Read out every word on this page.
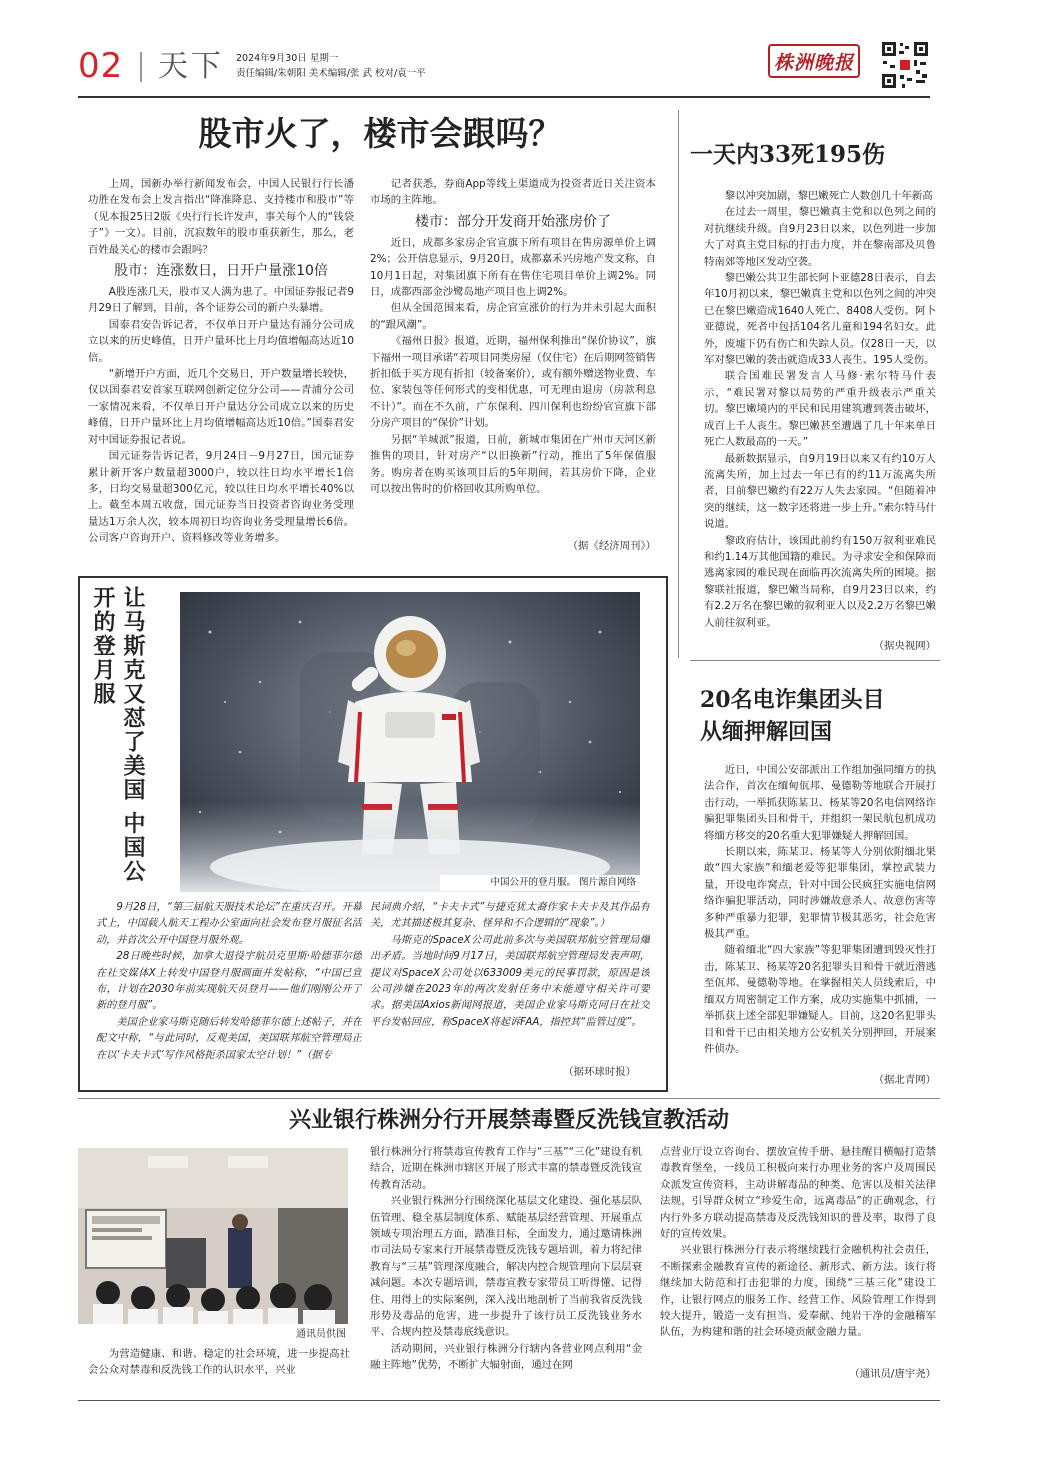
02	天下 2024年9月30日 星期一
责任编辑/朱朝阳 美术编辑/张 武 校对/袁一平	株洲晚报
股市火了，楼市会跟吗？

上周，国新办举行新闻发布会，中国人民银行行长潘功胜在发布会上发言指出“降准降息、支持楼市和股市”等（见本报25日2版《央行行长许发声，事关每个人的“钱袋子”》一文）。目前，沉寂数年的股市重获新生，那么，老百姓最关心的楼市会跟吗？

股市：连涨数日，日开户量涨10倍

A股连涨几天，股市又人满为患了。中国证券报记者9月29日了解到，目前，各个证券公司的新户头暴增。

国泰君安告诉记者，不仅单日开户量达有涌分公司成立以来的历史峰值，日开户量环比上月均值增幅高达近10倍。

“新增开户方面，近几个交易日，开户数量增长较快，仅以国泰君安首家互联网创新定位分公司——青浦分公司一家情况来看，不仅单日开户量达分公司成立以来的历史峰值，日开户量环比上月均值增幅高达近10倍。”国泰君安对中国证券报记者说。

国元证券告诉记者，9月24日－9月27日，国元证券累计新开客户数量超3000户，较以往日均水平增长1倍多，日均交易量超300亿元，较以往日均水平增长40%以上。截至本周五收盘，国元证券当日投资者咨询业务受理量达1万余人次，较本周初日均咨询业务受理量增长6倍。公司客户咨询开户、资料修改等业务增多。

记者获悉，券商App等线上渠道成为投资者近日关注资本市场的主阵地。

楼市：部分开发商开始涨房价了

近日，成都多家房企官宣旗下所有项目在售房源单价上调2%；公开信息显示，9月20日，成都嘉禾兴房地产发文称，自10月1日起，对集团旗下所有在售住宅项目单价上调2%。同日，成都西部金沙鹭岛地产项目也上调2%。

但从全国范围来看，房企官宣涨价的行为并未引起大面积的“跟风潮”。

《福州日报》报道，近期，福州保利推出“保价协议”，旗下福州一项目承诺“若项目同类房屋（仅住宅）在后期网签销售折扣低于买方现有折扣（较备案价），或有额外赠送物业费、车位、家装包等任何形式的变相优惠，可无理由退房（房款利息不计）”。而在不久前，广东保利、四川保利也纷纷官宣旗下部分房产项目的“保价”计划。

另据“羊城派”报道，日前，新城市集团在广州市天河区新推售的项目，针对房产“以旧换新”行动，推出了5年保值服务。购房者在购买该项目后的5年期间，若其房价下降，企业可以按出售时的价格回收其所购单位。

（据《经济周刊》）
一天内33死195伤

黎以冲突加剧，黎巴嫩死亡人数创几十年新高

在过去一周里，黎巴嫩真主党和以色列之间的对抗继续升级。自9月23日以来，以色列进一步加大了对真主党目标的打击力度，并在黎南部及贝鲁特南郊等地区发动空袭。

黎巴嫩公共卫生部长阿卜亚德28日表示，自去年10月初以来，黎巴嫩真主党和以色列之间的冲突已在黎巴嫩造成1640人死亡、8408人受伤。阿卜亚德说，死者中包括104名儿童和194名妇女。此外，废墟下仍有伤亡和失踪人员。仅28日一天，以军对黎巴嫩的袭击就造成33人丧生、195人受伤。

联合国难民署发言人马修·索尔特马什表示，“难民署对黎以局势的严重升级表示严重关切。黎巴嫩境内的平民和民用建筑遭到袭击破坏，成百上千人丧生。黎巴嫩甚至遭遇了几十年来单日死亡人数最高的一天。”

最新数据显示，自9月19日以来又有约10万人流离失所，加上过去一年已有的约11万流离失所者，目前黎巴嫩约有22万人失去家园。“但随着冲突的继续，这一数字还将进一步上升。”索尔特马什说道。

黎政府估计，该国此前约有150万叙利亚难民和约1.14万其他国籍的难民。为寻求安全和保障而逃离家园的难民现在面临再次流离失所的困境。据黎联社报道，黎巴嫩当局称，自9月23日以来，约有2.2万名在黎巴嫩的叙利亚人以及2.2万名黎巴嫩人前往叙利亚。

（据央视网）
20名电诈集团头目
从缅押解回国

近日，中国公安部派出工作组加强同缅方的执法合作，首次在缅甸佤邦、曼德勒等地联合开展打击行动，一举抓获陈某卫、杨某等20名电信网络诈骗犯罪集团头目和骨干，并组织一架民航包机成功将缅方移交的20名重大犯罪嫌疑人押解回国。

长期以来，陈某卫、杨某等人分别依附缅北果敢“四大家族”和缅老爱等犯罪集团，掌控武装力量，开设电诈窝点，针对中国公民疯狂实施电信网络诈骗犯罪活动，同时涉嫌故意杀人、故意伤害等多种严重暴力犯罪，犯罪情节极其恶劣，社会危害极其严重。

随着缅北“四大家族”等犯罪集团遭到毁灭性打击，陈某卫、杨某等20名犯罪头目和骨干就近潜逃至佤邦、曼德勒等地。在掌握相关人员线索后，中缅双方周密制定工作方案，成功实施集中抓捕，一举抓获上述全部犯罪嫌疑人。目前，这20名犯罪头目和骨干已由相关地方公安机关分别押回，开展案件侦办。

（据北青网）
让马斯克又怼了美国 中国公开的登月服
中国公开的登月服。 图片源自网络

9月28日，“第三届航天服技术论坛”在重庆召开。开幕式上，中国载人航天工程办公室面向社会发布登月服征名活动，并首次公开中国登月服外观。

28日晚些时候，加拿大退役宇航员克里斯·哈德菲尔德在社交媒体X上转发中国登月服画面并发帖称，“中国已宣布，计划在2030年前实现航天员登月——他们刚刚公开了新的登月服”。

美国企业家马斯克随后转发哈德菲尔德上述帖子，并在配文中称，“与此同时，反观美国，美国联邦航空管理局正在以‘卡夫卡式’写作风格扼杀国家太空计划！”（据专

民词典介绍，“卡夫卡式”与捷克犹太裔作家卡夫卡及其作品有关，尤其描述极其复杂、怪异和不合逻辑的“现象”。）

马斯克的SpaceX公司此前多次与美国联邦航空管理局爆出矛盾。当地时间9月17日，美国联邦航空管理局发表声明，提议对SpaceX公司处以633009美元的民事罚款，原因是该公司涉嫌在2023年的两次发射任务中未能遵守相关许可要求。据美国Axios新闻网报道，美国企业家马斯克同日在社交平台发帖回应，称SpaceX将起诉FAA，指控其“监管过度”。

（据环球时报）
兴业银行株洲分行开展禁毒暨反洗钱宣教活动
通讯员供图

为营造健康、和谐、稳定的社会环境，进一步提高社会公众对禁毒和反洗钱工作的认识水平，兴业

银行株洲分行将禁毒宣传教育工作与“三基”“三化”建设有机结合，近期在株洲市辖区开展了形式丰富的禁毒暨反洗钱宣传教育活动。

兴业银行株洲分行围绕深化基层文化建设、强化基层队伍管理、稳全基层制度体系、赋能基层经营管理、开展重点领域专项治理五方面，踏准目标，全面发力，通过邀请株洲市司法局专家来行开展禁毒暨反洗钱专题培训，着力将纪律教育与“三基”管理深度融合，解决内控合规管理向下层层衰减问题。本次专题培训，禁毒宣教专家带员工听得懂、记得住、用得上的实际案例，深入浅出地剖析了当前我省反洗钱形势及毒品的危害，进一步提升了该行员工反洗钱业务水平、合规内控及禁毒底线意识。

活动期间，兴业银行株洲分行辖内各营业网点利用“金融主阵地”优势，不断扩大辐射面，通过在网

点营业厅设立咨询台、摆放宣传手册、悬挂醒目横幅打造禁毒教育堡垒，一线员工积极向来行办理业务的客户及周围民众派发宣传资料，主动讲解毒品的种类、危害以及相关法律法规，引导群众树立“珍爱生命，远离毒品”的正确观念，行内行外多方联动提高禁毒及反洗钱知识的普及率，取得了良好的宣传效果。

兴业银行株洲分行表示将继续践行金融机构社会责任，不断探索金融教育宣传的新途径、新形式、新方法。该行将继续加大防范和打击犯罪的力度，围绕“三基三化”建设工作，让银行网点的服务工作、经营工作、风险管理工作得到较大提升，锻造一支有担当、爱奉献、纯岩干净的金融稽军队伍，为构建和谐的社会环境贡献金融力量。

（通讯员/唐宇尧）
